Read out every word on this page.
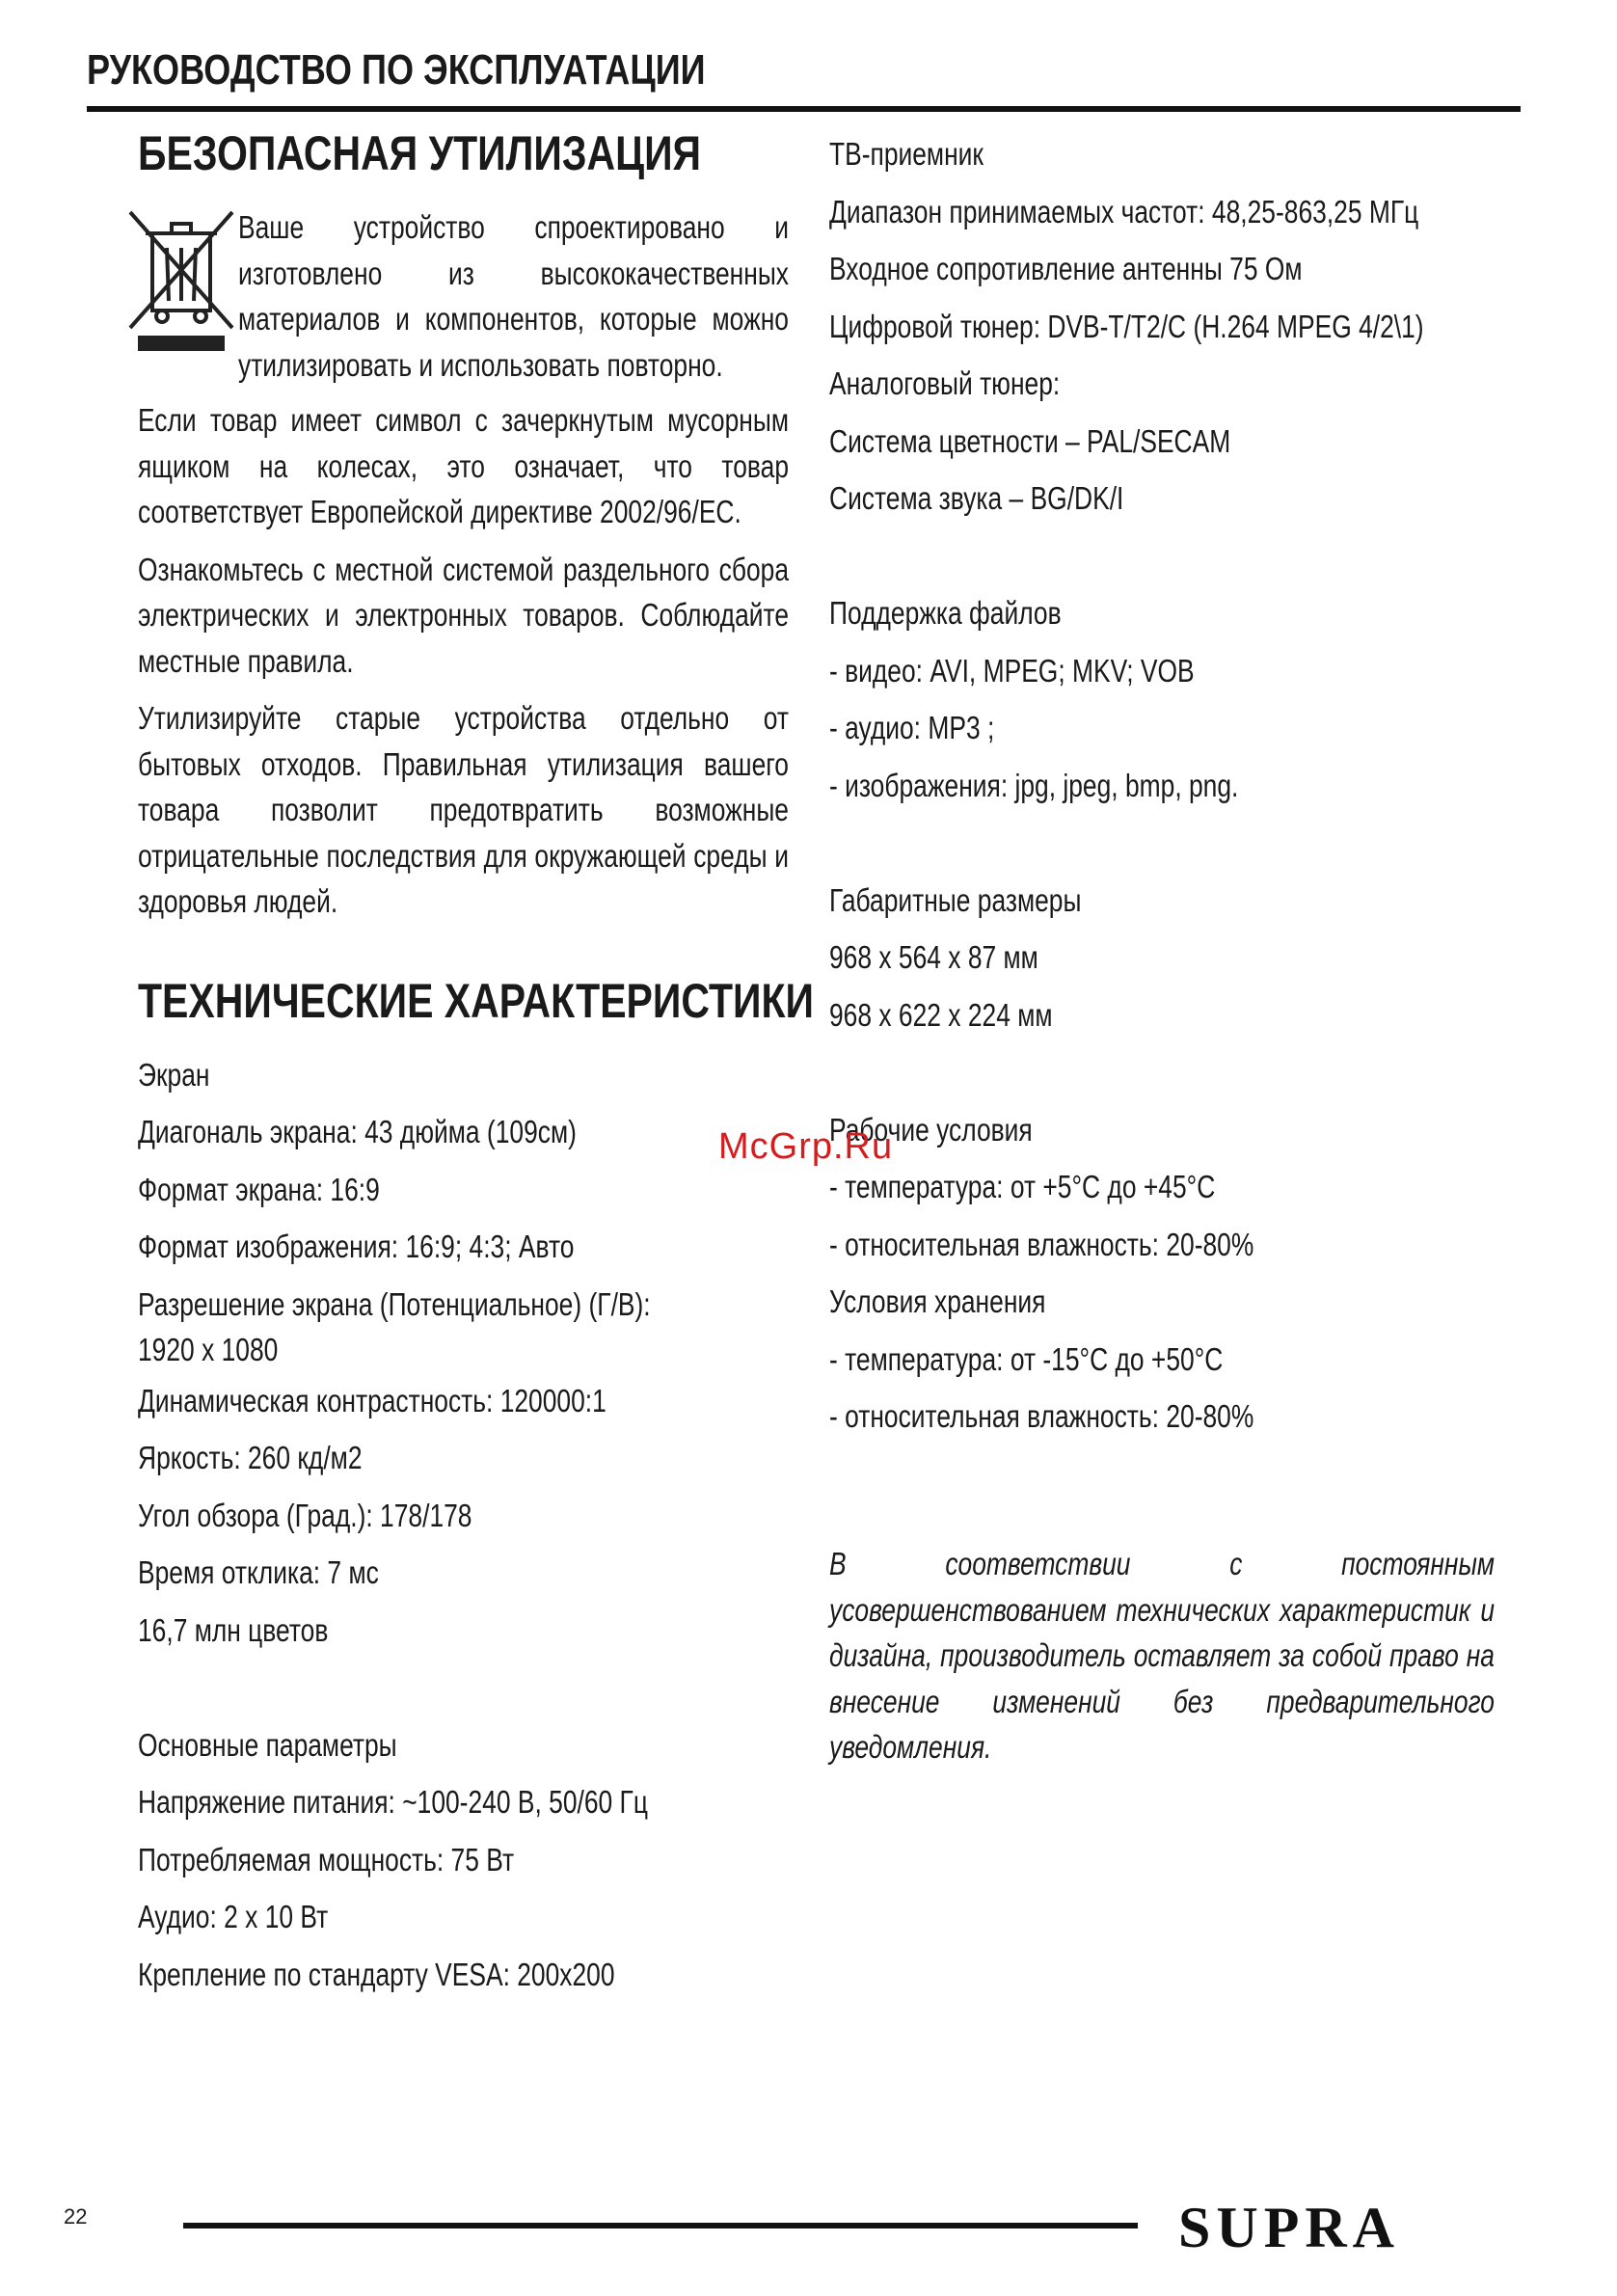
РУКОВОДСТВО ПО ЭКСПЛУАТАЦИИ
БЕЗОПАСНАЯ УТИЛИЗАЦИЯ
Ваше устройство спроектировано и изготовлено из высококачественных материалов и компонентов, которые можно утилизировать и использовать повторно.
Если товар имеет символ с зачеркнутым мусорным ящиком на колесах, это означает, что товар соответствует Европейской директиве 2002/96/EC.
Ознакомьтесь с местной системой раздельного сбора электрических и электронных товаров. Соблюдайте местные правила.
Утилизируйте старые устройства отдельно от бытовых отходов. Правильная утилизация вашего товара позволит предотвратить возможные отрицательные последствия для окружающей среды и здоровья людей.
ТЕХНИЧЕСКИЕ ХАРАКТЕРИСТИКИ
Экран
Диагональ экрана: 43 дюйма (109см)
Формат экрана: 16:9
Формат изображения: 16:9; 4:3; Авто
Разрешение экрана (Потенциальное) (Г/В):
1920 x 1080
Динамическая контрастность: 120000:1
Яркость: 260 кд/м2
Угол обзора (Град.): 178/178
Время отклика: 7 мс
16,7 млн цветов
Основные параметры
Напряжение питания: ~100-240 В, 50/60 Гц
Потребляемая мощность: 75 Вт
Аудио: 2 х 10 Вт
Крепление по стандарту VESA: 200x200
ТВ-приемник
Диапазон принимаемых частот: 48,25-863,25 МГц
Входное сопротивление антенны 75 Ом
Цифровой тюнер: DVB-T/T2/C (H.264 MPEG 4/2\1)
Аналоговый тюнер:
Система цветности – PAL/SECAM
Система звука – BG/DK/I
Поддержка файлов
- видео: AVI, MPEG; MKV; VOB
- аудио: MP3 ;
- изображения: jpg, jpeg, bmp, png.
Габаритные размеры
968 x 564 x 87 мм
968 x 622 x 224 мм
Рабочие условия
- температура: от +5°С до +45°С
- относительная влажность: 20-80%
Условия хранения
- температура: от -15°С до +50°С
- относительная влажность: 20-80%
В соответствии с постоянным усовершенствованием технических характеристик и дизайна, производитель оставляет за собой право на внесение изменений без предварительного уведомления.
McGrp.Ru
22	SUPRA
